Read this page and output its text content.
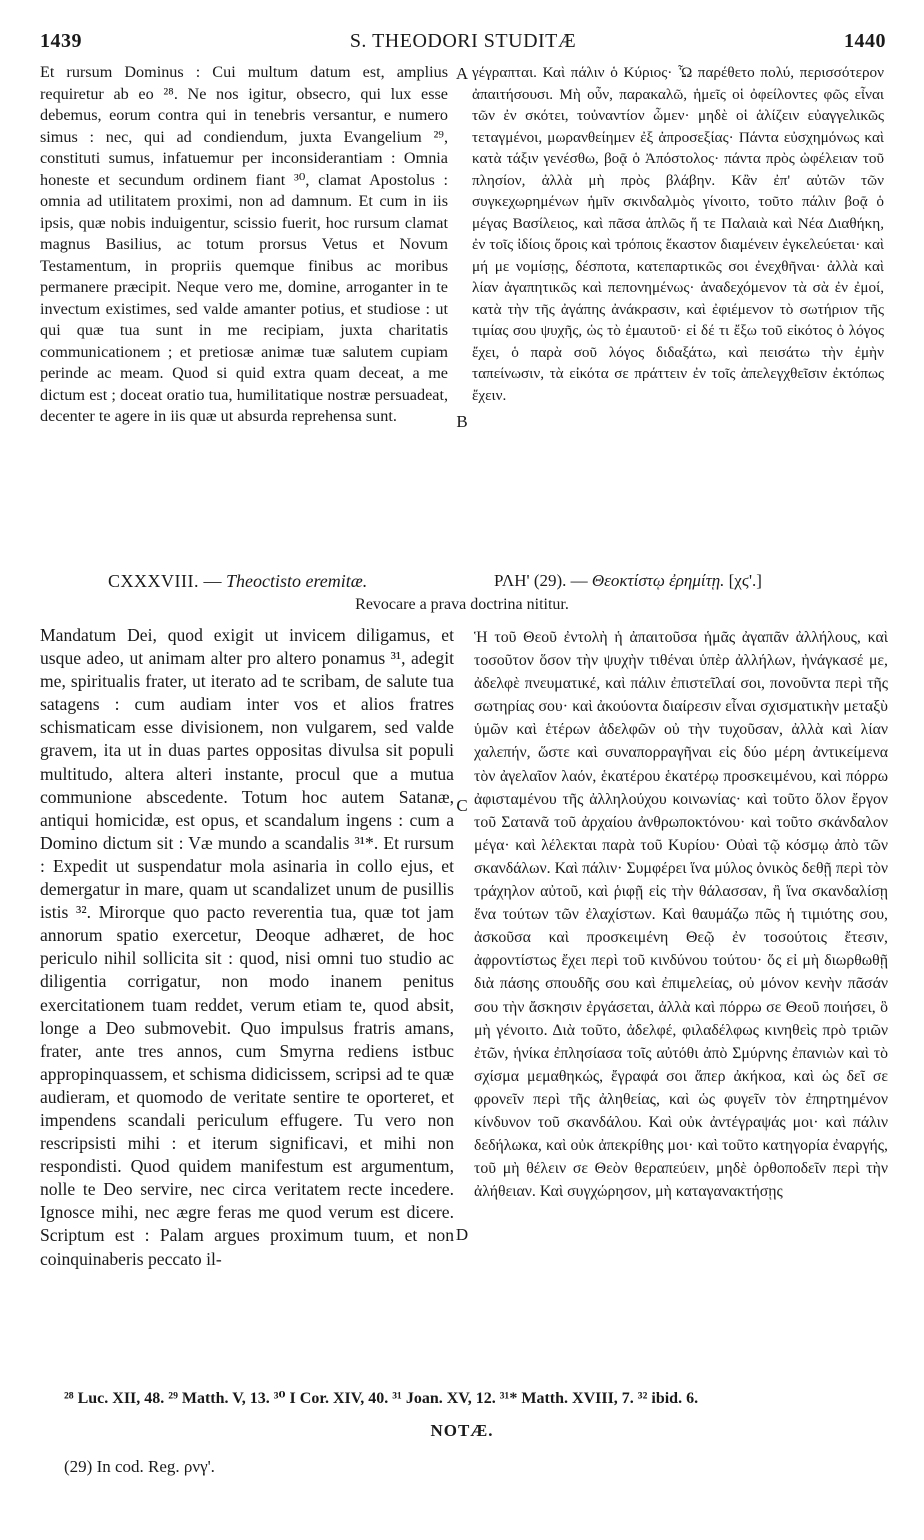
1439	S. THEODORI STUDITÆ	1440

Et rursum Dominus : Cui multum datum est, amplius requiretur ab eo ²⁸. Ne nos igitur, obsecro, qui lux esse debemus, eorum contra qui in tenebris versantur, e numero simus : nec, qui ad condiendum, juxta Evangelium ²⁹, constituti sumus, infatuemur per inconsiderantiam : Omnia honeste et secundum ordinem fiant ³⁰, clamat Apostolus : omnia ad utilitatem proximi, non ad damnum. Et cum in iis ipsis, quæ nobis induigentur, scissio fuerit, hoc rursum clamat magnus Basilius, ac totum prorsus Vetus et Novum Testamentum, in propriis quemque finibus ac moribus permanere præcipit. Neque vero me, domine, arroganter in te invectum existimes, sed valde amanter potius, et studiose : ut qui quæ tua sunt in me recipiam, juxta charitatis communicationem ; et pretiosæ animæ tuæ salutem cupiam perinde ac meam. Quod si quid extra quam deceat, a me dictum est ; doceat oratio tua, humilitatique nostræ persuadeat, decenter te agere in iis quæ ut absurda reprehensa sunt.

γέγραπται. Καὶ πάλιν ὁ Κύριος· Ὧ παρέθετο πολύ, περισσότερον ἀπαιτήσουσι. Μὴ οὖν, παρακαλῶ, ἡμεῖς οἱ ὀφείλοντες φῶς εἶναι τῶν ἐν σκότει, τοὐναντίον ὦμεν· μηδὲ οἱ ἁλίζειν εὐαγγελικῶς τεταγμένοι, μωρανθείημεν ἐξ ἀπροσεξίας· Πάντα εὐσχημόνως καὶ κατὰ τάξιν γενέσθω, βοᾷ ὁ Ἀπόστολος· πάντα πρὸς ὠφέλειαν τοῦ πλησίον, ἀλλὰ μὴ πρὸς βλάβην. Κἂν ἐπ' αὐτῶν τῶν συγκεχωρημένων ἡμῖν σκινδαλμὸς γίνοιτο, τοῦτο πάλιν βοᾷ ὁ μέγας Βασίλειος, καὶ πᾶσα ἁπλῶς ἥ τε Παλαιὰ καὶ Νέα Διαθήκη, ἐν τοῖς ἰδίοις ὅροις καὶ τρόποις ἕκαστον διαμένειν ἐγκελεύεται· καὶ μή με νομίσῃς, δέσποτα, κατεπαρτικῶς σοι ἐνεχθῆναι· ἀλλὰ καὶ λίαν ἀγαπητικῶς καὶ πεπονημένως· ἀναδεχόμενον τὰ σὰ ἐν ἐμοί, κατὰ τὴν τῆς ἀγάπης ἀνάκρασιν, καὶ ἐφιέμενον τὸ σωτήριον τῆς τιμίας σου ψυχῆς, ὡς τὸ ἐμαυτοῦ· εἰ δέ τι ἔξω τοῦ εἰκότος ὁ λόγος ἔχει, ὁ παρὰ σοῦ λόγος διδαξάτω, καὶ πεισάτω τὴν ἐμὴν ταπείνωσιν, τὰ εἰκότα σε πράττειν ἐν τοῖς ἀπελεγχθεῖσιν ἐκτόπως ἔχειν.

A
B
C
D
CXXXVIII. — Theoctisto eremitæ.	ΡΛΗ' (29). — Θεοκτίστῳ ἐρημίτῃ. [χϛ'.]
Revocare a prava doctrina nititur.

Mandatum Dei, quod exigit ut invicem diligamus, et usque adeo, ut animam alter pro altero ponamus ³¹, adegit me, spiritualis frater, ut iterato ad te scribam, de salute tua satagens : cum audiam inter vos et alios fratres schismaticam esse divisionem, non vulgarem, sed valde gravem, ita ut in duas partes oppositas divulsa sit populi multitudo, altera alteri instante, procul que a mutua communione abscedente. Totum hoc autem Satanæ, antiqui homicidæ, est opus, et scandalum ingens : cum a Domino dictum sit : Væ mundo a scandalis ³¹*. Et rursum : Expedit ut suspendatur mola asinaria in collo ejus, et demergatur in mare, quam ut scandalizet unum de pusillis istis ³². Mirorque quo pacto reverentia tua, quæ tot jam annorum spatio exercetur, Deoque adhæret, de hoc periculo nihil sollicita sit : quod, nisi omni tuo studio ac diligentia corrigatur, non modo inanem penitus exercitationem tuam reddet, verum etiam te, quod absit, longe a Deo submovebit. Quo impulsus fratris amans, frater, ante tres annos, cum Smyrna rediens istbuc appropinquassem, et schisma didicissem, scripsi ad te quæ audieram, et quomodo de veritate sentire te oporteret, et impendens scandali periculum effugere. Tu vero non rescripsisti mihi : et iterum significavi, et mihi non respondisti. Quod quidem manifestum est argumentum, nolle te Deo servire, nec circa veritatem recte incedere. Ignosce mihi, nec ægre feras me quod verum est dicere. Scriptum est : Palam argues proximum tuum, et non coinquinaberis peccato il-

Ἡ τοῦ Θεοῦ ἐντολὴ ἡ ἀπαιτοῦσα ἡμᾶς ἀγαπᾶν ἀλλήλους, καὶ τοσοῦτον ὅσον τὴν ψυχὴν τιθέναι ὑπὲρ ἀλλήλων, ἠνάγκασέ με, ἀδελφὲ πνευματικέ, καὶ πάλιν ἐπιστεῖλαί σοι, πονοῦντα περὶ τῆς σωτηρίας σου· καὶ ἀκούοντα διαίρεσιν εἶναι σχισματικὴν μεταξὺ ὑμῶν καὶ ἑτέρων ἀδελφῶν οὐ τὴν τυχοῦσαν, ἀλλὰ καὶ λίαν χαλεπήν, ὥστε καὶ συναπορραγῆναι εἰς δύο μέρη ἀντικείμενα τὸν ἀγελαῖον λαόν, ἑκατέρου ἑκατέρῳ προσκειμένου, καὶ πόρρω ἀφισταμένου τῆς ἀλληλούχου κοινωνίας· καὶ τοῦτο ὅλον ἔργον τοῦ Σατανᾶ τοῦ ἀρχαίου ἀνθρωποκτόνου· καὶ τοῦτο σκάνδαλον μέγα· καὶ λέλεκται παρὰ τοῦ Κυρίου· Οὐαὶ τῷ κόσμῳ ἀπὸ τῶν σκανδάλων. Καὶ πάλιν· Συμφέρει ἵνα μύλος ὀνικὸς δεθῇ περὶ τὸν τράχηλον αὐτοῦ, καὶ ῥιφῇ εἰς τὴν θάλασσαν, ἢ ἵνα σκανδαλίσῃ ἕνα τούτων τῶν ἐλαχίστων. Καὶ θαυμάζω πῶς ἡ τιμιότης σου, ἀσκοῦσα καὶ προσκειμένη Θεῷ ἐν τοσούτοις ἔτεσιν, ἀφροντίστως ἔχει περὶ τοῦ κινδύνου τούτου· ὅς εἰ μὴ διωρθωθῇ διὰ πάσης σπουδῆς σου καὶ ἐπιμελείας, οὐ μόνον κενὴν πᾶσάν σου τὴν ἄσκησιν ἐργάσεται, ἀλλὰ καὶ πόρρω σε Θεοῦ ποιήσει, ὃ μὴ γένοιτο. Διὰ τοῦτο, ἀδελφέ, φιλαδέλφως κινηθεὶς πρὸ τριῶν ἐτῶν, ἡνίκα ἐπλησίασα τοῖς αὐτόθι ἀπὸ Σμύρνης ἐπανιὼν καὶ τὸ σχίσμα μεμαθηκώς, ἔγραφά σοι ἅπερ ἀκήκοα, καὶ ὡς δεῖ σε φρονεῖν περὶ τῆς ἀληθείας, καὶ ὡς φυγεῖν τὸν ἐπηρτημένον κίνδυνον τοῦ σκανδάλου. Καὶ οὐκ ἀντέγραψάς μοι· καὶ πάλιν δεδήλωκα, καὶ οὐκ ἀπεκρίθης μοι· καὶ τοῦτο κατηγορία ἐναργής, τοῦ μὴ θέλειν σε Θεὸν θεραπεύειν, μηδὲ ὀρθοποδεῖν περὶ τὴν ἀλήθειαν. Καὶ συγχώρησον, μὴ καταγανακτήσῃς

²⁸ Luc. XII, 48. ²⁹ Matth. V, 13. ³⁰ I Cor. XIV, 40. ³¹ Joan. XV, 12. ³¹* Matth. XVIII, 7. ³² ibid. 6.
NOTÆ.
(29) In cod. Reg. ρνγ'.
